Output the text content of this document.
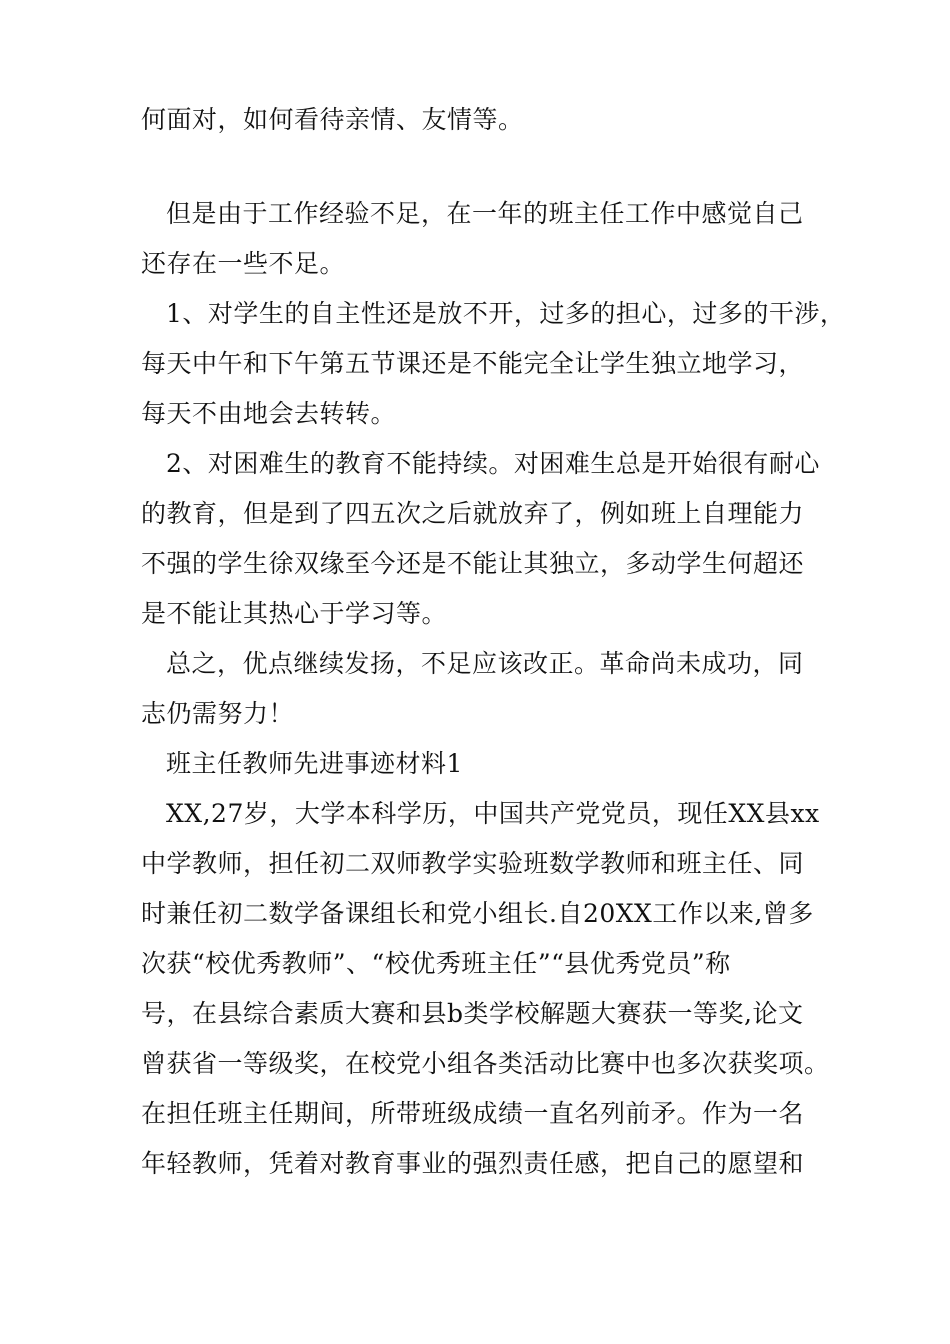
何面对，如何看待亲情、友情等。
但是由于工作经验不足，在一年的班主任工作中感觉自己
还存在一些不足。
1、对学生的自主性还是放不开，过多的担心，过多的干涉，
每天中午和下午第五节课还是不能完全让学生独立地学习，
每天不由地会去转转。
2、对困难生的教育不能持续。对困难生总是开始很有耐心
的教育，但是到了四五次之后就放弃了，例如班上自理能力
不强的学生徐双缘至今还是不能让其独立，多动学生何超还
是不能让其热心于学习等。
总之，优点继续发扬，不足应该改正。革命尚未成功，同
志仍需努力！
班主任教师先进事迹材料1
XX,27岁，大学本科学历，中国共产党党员，现任XX县xx
中学教师，担任初二双师教学实验班数学教师和班主任、同
时兼任初二数学备课组长和党小组长.自20XX工作以来,曾多
次获“校优秀教师”、“校优秀班主任”“县优秀党员”称
号，在县综合素质大赛和县b类学校解题大赛获一等奖,论文
曾获省一等级奖，在校党小组各类活动比赛中也多次获奖项。
在担任班主任期间，所带班级成绩一直名列前矛。作为一名
年轻教师，凭着对教育事业的强烈责任感，把自己的愿望和
